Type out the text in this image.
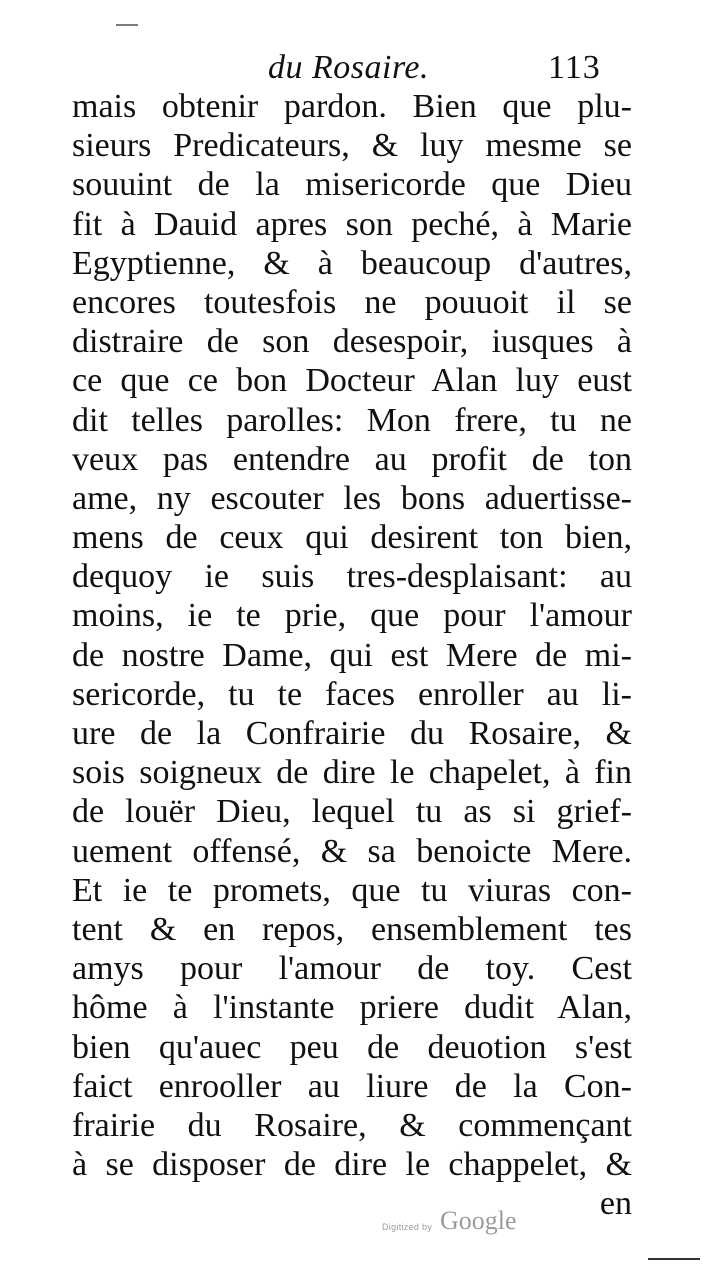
du Rosaire.	113
mais obtenir pardon. Bien que plu-
sieurs Predicateurs, & luy mesme se
souuint de la misericorde que Dieu
fit à Dauid apres son peché, à Marie
Egyptienne, & à beaucoup d'autres,
encores toutesfois ne pouuoit il se
distraire de son desespoir, iusques à
ce que ce bon Docteur Alan luy eust
dit telles parolles: Mon frere, tu ne
veux pas entendre au profit de ton
ame, ny escouter les bons aduertisse-
mens de ceux qui desirent ton bien,
dequoy ie suis tres-desplaisant: au
moins, ie te prie, que pour l'amour
de nostre Dame, qui est Mere de mi-
sericorde, tu te faces enroller au li-
ure de la Confrairie du Rosaire, &
sois soigneux de dire le chapelet, à fin
de louër Dieu, lequel tu as si grief-
uement offensé, & sa benoicte Mere.
Et ie te promets, que tu viuras con-
tent & en repos, ensemblement tes
amys pour l'amour de toy. Cest
hôme à l'instante priere dudit Alan,
bien qu'auec peu de deuotion s'est
faict enrooller au liure de la Con-
frairie du Rosaire, & commençant
à se disposer de dire le chappelet, &
en
Digitized by Google
